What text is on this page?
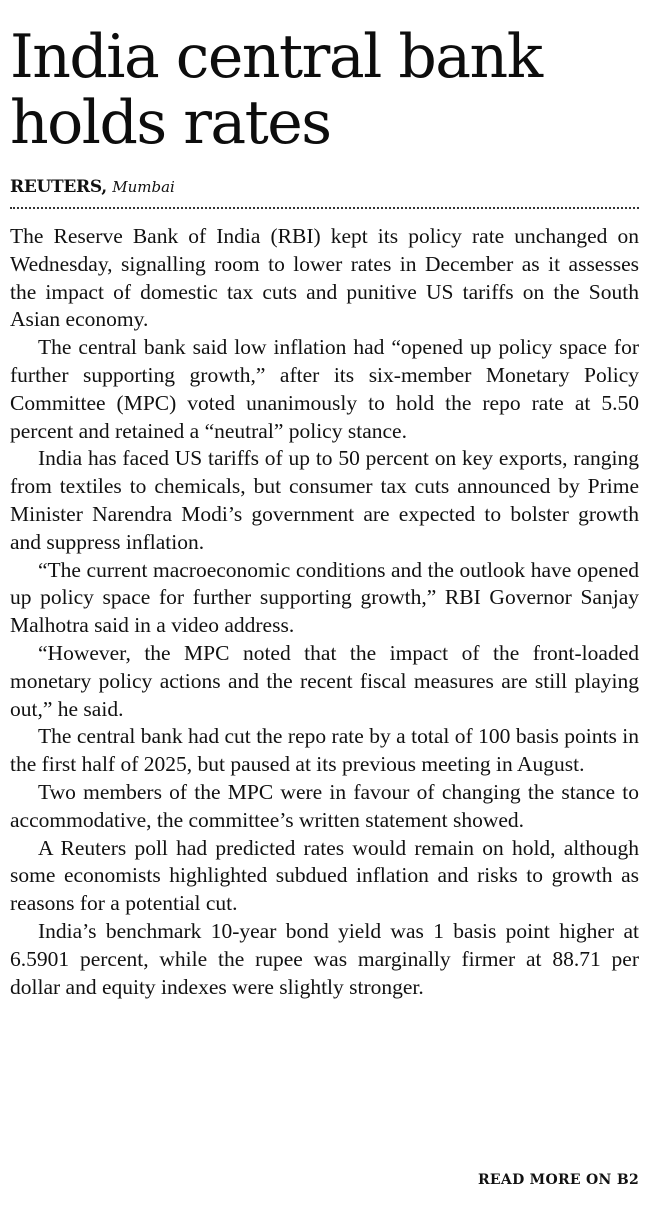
India central bank holds rates
REUTERS, Mumbai

The Reserve Bank of India (RBI) kept its policy rate unchanged on Wednesday, signalling room to lower rates in December as it assesses the impact of domestic tax cuts and punitive US tariffs on the South Asian economy.

The central bank said low inflation had “opened up policy space for further supporting growth,” after its six-member Monetary Policy Committee (MPC) voted unanimously to hold the repo rate at 5.50 percent and retained a “neutral” policy stance.

India has faced US tariffs of up to 50 percent on key exports, ranging from textiles to chemicals, but consumer tax cuts announced by Prime Minister Narendra Modi’s government are expected to bolster growth and suppress inflation.

“The current macroeconomic conditions and the outlook have opened up policy space for further supporting growth,” RBI Governor Sanjay Malhotra said in a video address.

“However, the MPC noted that the impact of the front-loaded monetary policy actions and the recent fiscal measures are still playing out,” he said.

The central bank had cut the repo rate by a total of 100 basis points in the first half of 2025, but paused at its previous meeting in August.

Two members of the MPC were in favour of changing the stance to accommodative, the committee’s written statement showed.

A Reuters poll had predicted rates would remain on hold, although some economists highlighted subdued inflation and risks to growth as reasons for a potential cut.

India’s benchmark 10-year bond yield was 1 basis point higher at 6.5901 percent, while the rupee was marginally firmer at 88.71 per dollar and equity indexes were slightly stronger.

READ MORE ON B2
